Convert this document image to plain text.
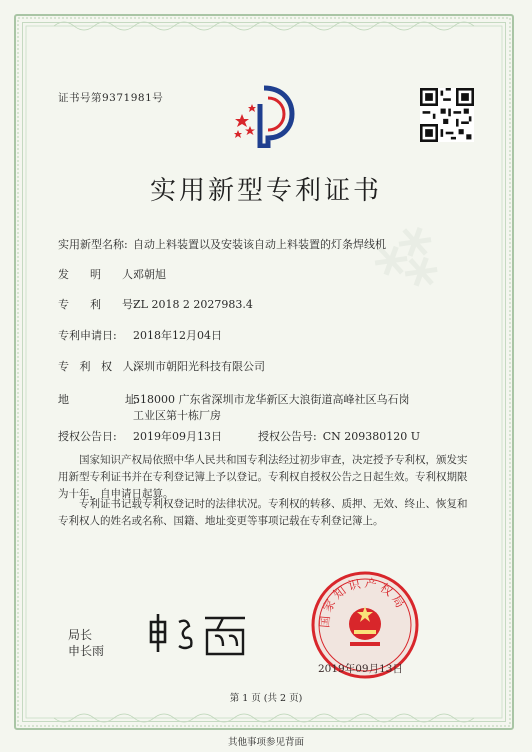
⁂
证书号第9371981号
实用新型专利证书
实用新型名称: 自动上料装置以及安装该自动上料装置的灯条焊线机
发      明      人:邓朝旭
专      利      号:ZL 2018 2 2027983.4
专利申请日: 2018年12月04日
专   利   权   人:深圳市朝阳光科技有限公司
地                址:518000 广东省深圳市龙华新区大浪街道高峰社区乌石岗
工业区第十栋厂房
授权公告日: 2019年09月13日	授权公告号: CN 209380120 U

国家知识产权局依照中华人民共和国专利法经过初步审查，决定授予专利权，颁发实用新型专利证书并在专利登记簿上予以登记。专利权自授权公告之日起生效。专利权期限为十年，自申请日起算。

专利证书记载专利权登记时的法律状况。专利权的转移、质押、无效、终止、恢复和专利权人的姓名或名称、国籍、地址变更等事项记载在专利登记簿上。

局长
申长雨
国家知识产权局
2019年09月13日
第 1 页 (共 2 页)
其他事项参见背面
